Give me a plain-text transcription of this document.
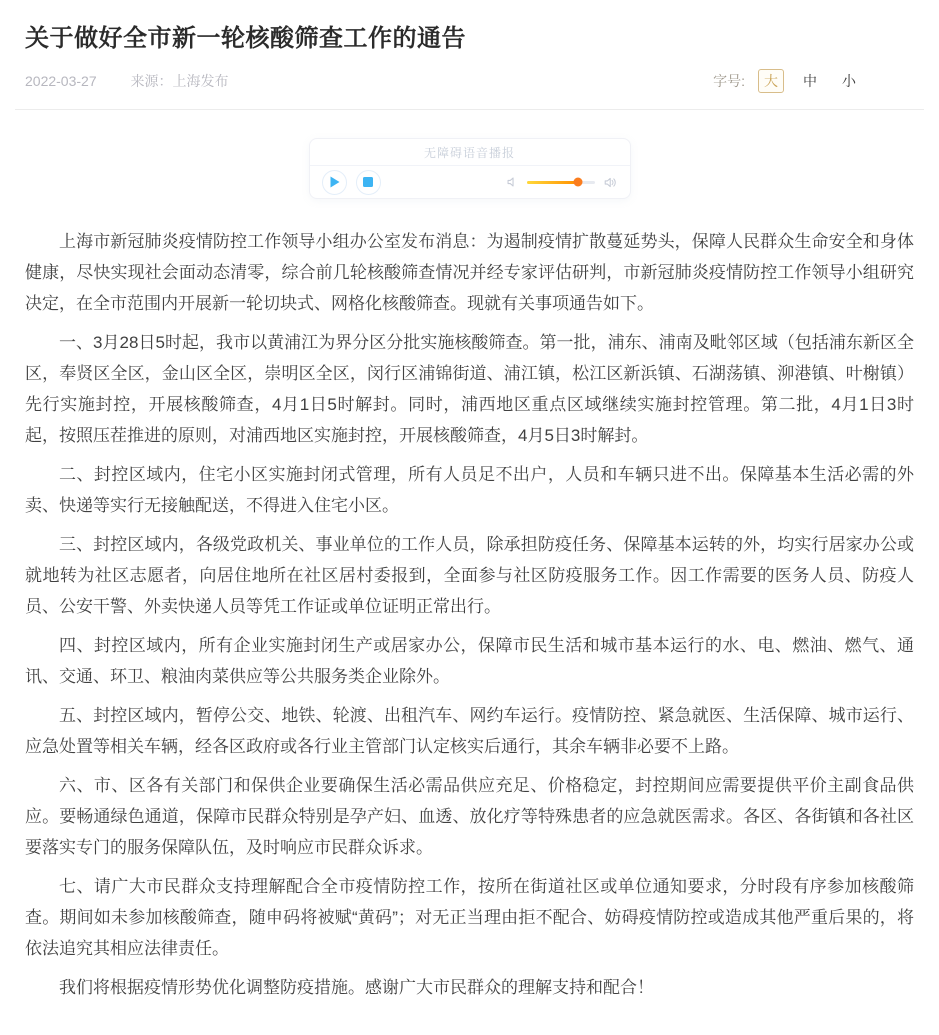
关于做好全市新一轮核酸筛查工作的通告
2022-03-27 来源：上海发布	字号:	大	中	小
无障碍语音播报

上海市新冠肺炎疫情防控工作领导小组办公室发布消息：为遏制疫情扩散蔓延势头，保障人民群众生命安全和身体健康，尽快实现社会面动态清零，综合前几轮核酸筛查情况并经专家评估研判，市新冠肺炎疫情防控工作领导小组研究决定，在全市范围内开展新一轮切块式、网格化核酸筛查。现就有关事项通告如下。

一、3月28日5时起，我市以黄浦江为界分区分批实施核酸筛查。第一批，浦东、浦南及毗邻区域（包括浦东新区全区，奉贤区全区，金山区全区，崇明区全区，闵行区浦锦街道、浦江镇，松江区新浜镇、石湖荡镇、泖港镇、叶榭镇）先行实施封控，开展核酸筛查，4月1日5时解封。同时，浦西地区重点区域继续实施封控管理。第二批，4月1日3时起，按照压茬推进的原则，对浦西地区实施封控，开展核酸筛查，4月5日3时解封。

二、封控区域内，住宅小区实施封闭式管理，所有人员足不出户，人员和车辆只进不出。保障基本生活必需的外卖、快递等实行无接触配送，不得进入住宅小区。

三、封控区域内，各级党政机关、事业单位的工作人员，除承担防疫任务、保障基本运转的外，均实行居家办公或就地转为社区志愿者，向居住地所在社区居村委报到，全面参与社区防疫服务工作。因工作需要的医务人员、防疫人员、公安干警、外卖快递人员等凭工作证或单位证明正常出行。

四、封控区域内，所有企业实施封闭生产或居家办公，保障市民生活和城市基本运行的水、电、燃油、燃气、通讯、交通、环卫、粮油肉菜供应等公共服务类企业除外。

五、封控区域内，暂停公交、地铁、轮渡、出租汽车、网约车运行。疫情防控、紧急就医、生活保障、城市运行、应急处置等相关车辆，经各区政府或各行业主管部门认定核实后通行，其余车辆非必要不上路。

六、市、区各有关部门和保供企业要确保生活必需品供应充足、价格稳定，封控期间应需要提供平价主副食品供应。要畅通绿色通道，保障市民群众特别是孕产妇、血透、放化疗等特殊患者的应急就医需求。各区、各街镇和各社区要落实专门的服务保障队伍，及时响应市民群众诉求。

七、请广大市民群众支持理解配合全市疫情防控工作，按所在街道社区或单位通知要求，分时段有序参加核酸筛查。期间如未参加核酸筛查，随申码将被赋“黄码”；对无正当理由拒不配合、妨碍疫情防控或造成其他严重后果的，将依法追究其相应法律责任。

我们将根据疫情形势优化调整防疫措施。感谢广大市民群众的理解支持和配合！
